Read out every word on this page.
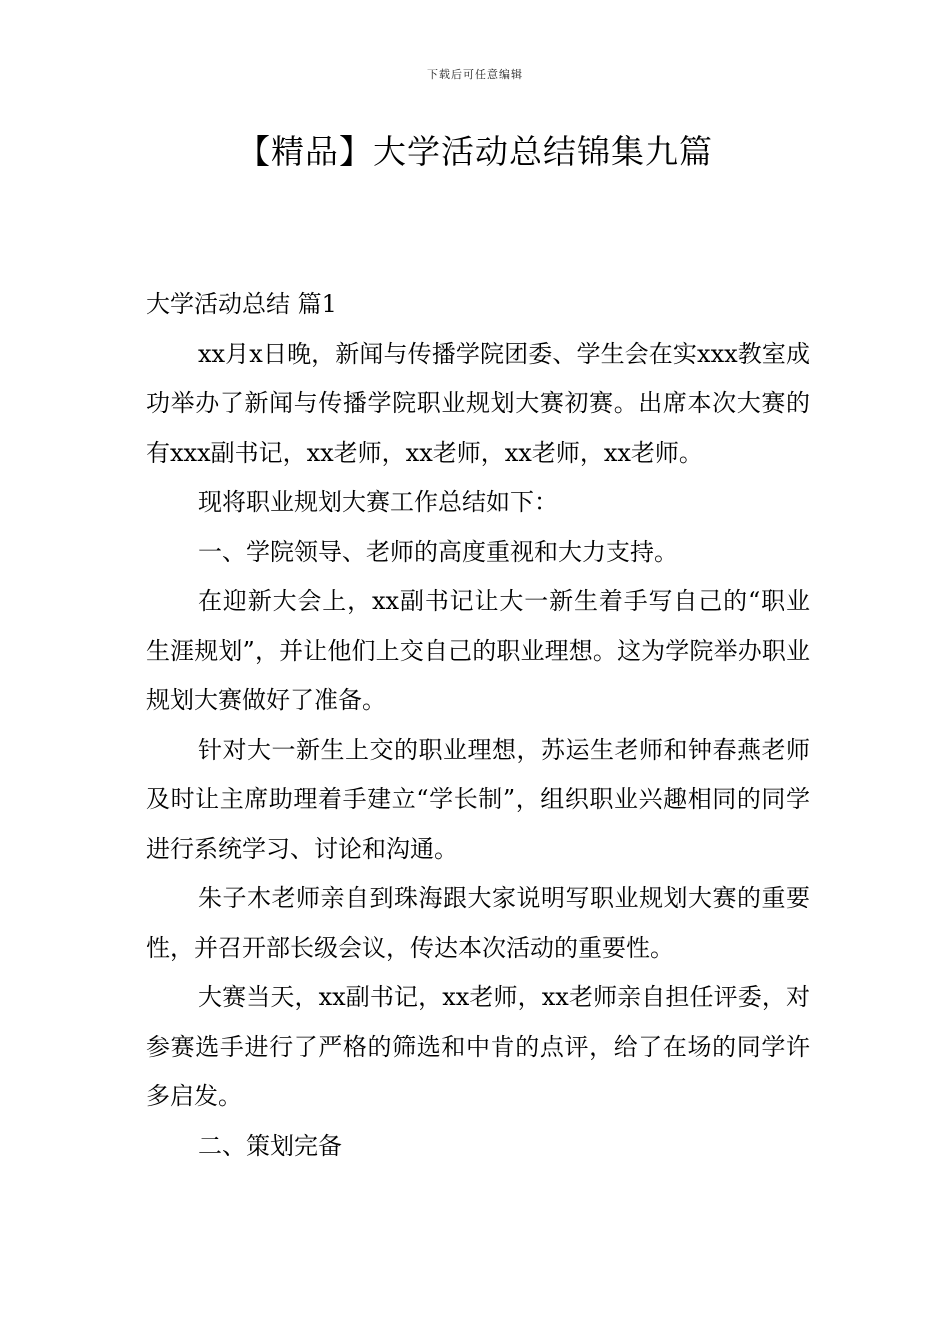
下载后可任意编辑
【精品】大学活动总结锦集九篇

大学活动总结 篇1

xx月x日晚，新闻与传播学院团委、学生会在实xxx教室成功举办了新闻与传播学院职业规划大赛初赛。出席本次大赛的有xxx副书记，xx老师，xx老师，xx老师，xx老师。

现将职业规划大赛工作总结如下：

一、学院领导、老师的高度重视和大力支持。

在迎新大会上，xx副书记让大一新生着手写自己的“职业生涯规划”，并让他们上交自己的职业理想。这为学院举办职业规划大赛做好了准备。

针对大一新生上交的职业理想，苏运生老师和钟春燕老师及时让主席助理着手建立“学长制”，组织职业兴趣相同的同学进行系统学习、讨论和沟通。

朱子木老师亲自到珠海跟大家说明写职业规划大赛的重要性，并召开部长级会议，传达本次活动的重要性。

大赛当天，xx副书记，xx老师，xx老师亲自担任评委，对参赛选手进行了严格的筛选和中肯的点评，给了在场的同学许多启发。

二、策划完备
